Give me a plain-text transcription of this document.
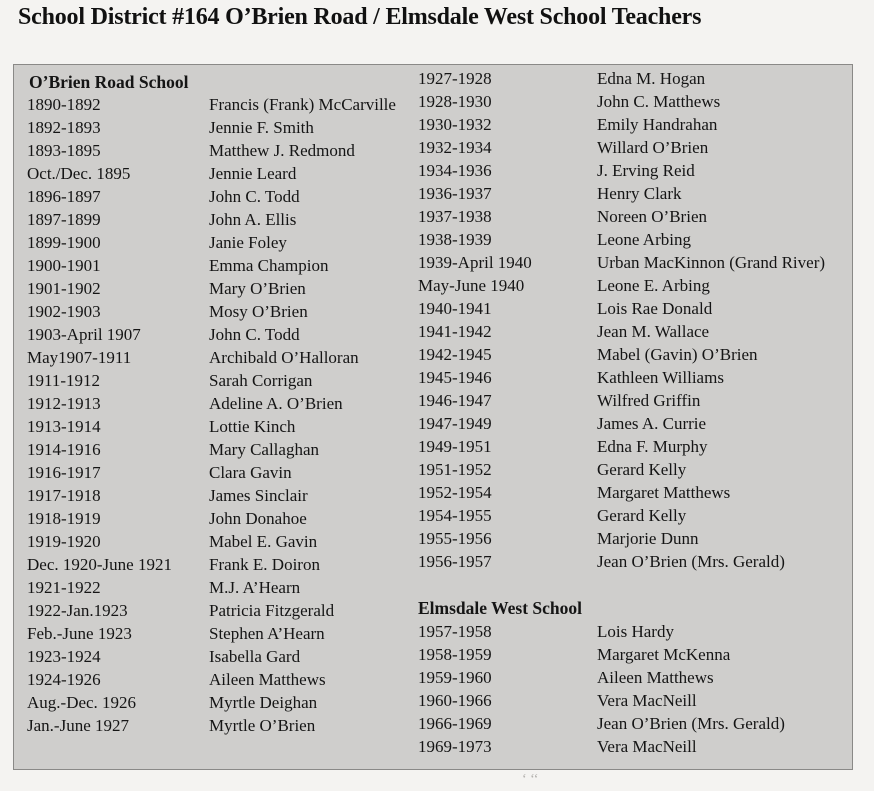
School District #164 O’Brien Road / Elmsdale West School Teachers
O’Brien Road School
Elmsdale West School
1890-1892	Francis (Frank) McCarville
1892-1893	Jennie F. Smith
1893-1895	Matthew J. Redmond
Oct./Dec. 1895	Jennie Leard
1896-1897	John C. Todd
1897-1899	John A. Ellis
1899-1900	Janie Foley
1900-1901	Emma Champion
1901-1902	Mary O’Brien
1902-1903	Mosy O’Brien
1903-April 1907	John C. Todd
May1907-1911	Archibald O’Halloran
1911-1912	Sarah Corrigan
1912-1913	Adeline A. O’Brien
1913-1914	Lottie Kinch
1914-1916	Mary Callaghan
1916-1917	Clara Gavin
1917-1918	James Sinclair
1918-1919	John Donahoe
1919-1920	Mabel E. Gavin
Dec. 1920-June 1921 Frank E. Doiron
1921-1922	M.J. A’Hearn
1922-Jan.1923	Patricia Fitzgerald
Feb.-June 1923	Stephen A’Hearn
1923-1924	Isabella Gard
1924-1926	Aileen Matthews
Aug.-Dec. 1926	Myrtle Deighan
Jan.-June 1927	Myrtle O’Brien
1927-1928	Edna M. Hogan
1928-1930	John C. Matthews
1930-1932	Emily Handrahan
1932-1934	Willard O’Brien
1934-1936	J. Erving Reid
1936-1937	Henry Clark
1937-1938	Noreen O’Brien
1938-1939	Leone Arbing
1939-April 1940	Urban MacKinnon (Grand River)
May-June 1940	Leone E. Arbing
1940-1941	Lois Rae Donald
1941-1942	Jean M. Wallace
1942-1945	Mabel (Gavin) O’Brien
1945-1946	Kathleen Williams
1946-1947	Wilfred Griffin
1947-1949	James A. Currie
1949-1951	Edna F. Murphy
1951-1952	Gerard Kelly
1952-1954	Margaret Matthews
1954-1955	Gerard Kelly
1955-1956	Marjorie Dunn
1956-1957	Jean O’Brien (Mrs. Gerald)
1957-1958	Lois Hardy
1958-1959	Margaret McKenna
1959-1960	Aileen Matthews
1960-1966	Vera MacNeill
1966-1969	Jean O’Brien (Mrs. Gerald)
1969-1973	Vera MacNeill
‘ ‘‘
